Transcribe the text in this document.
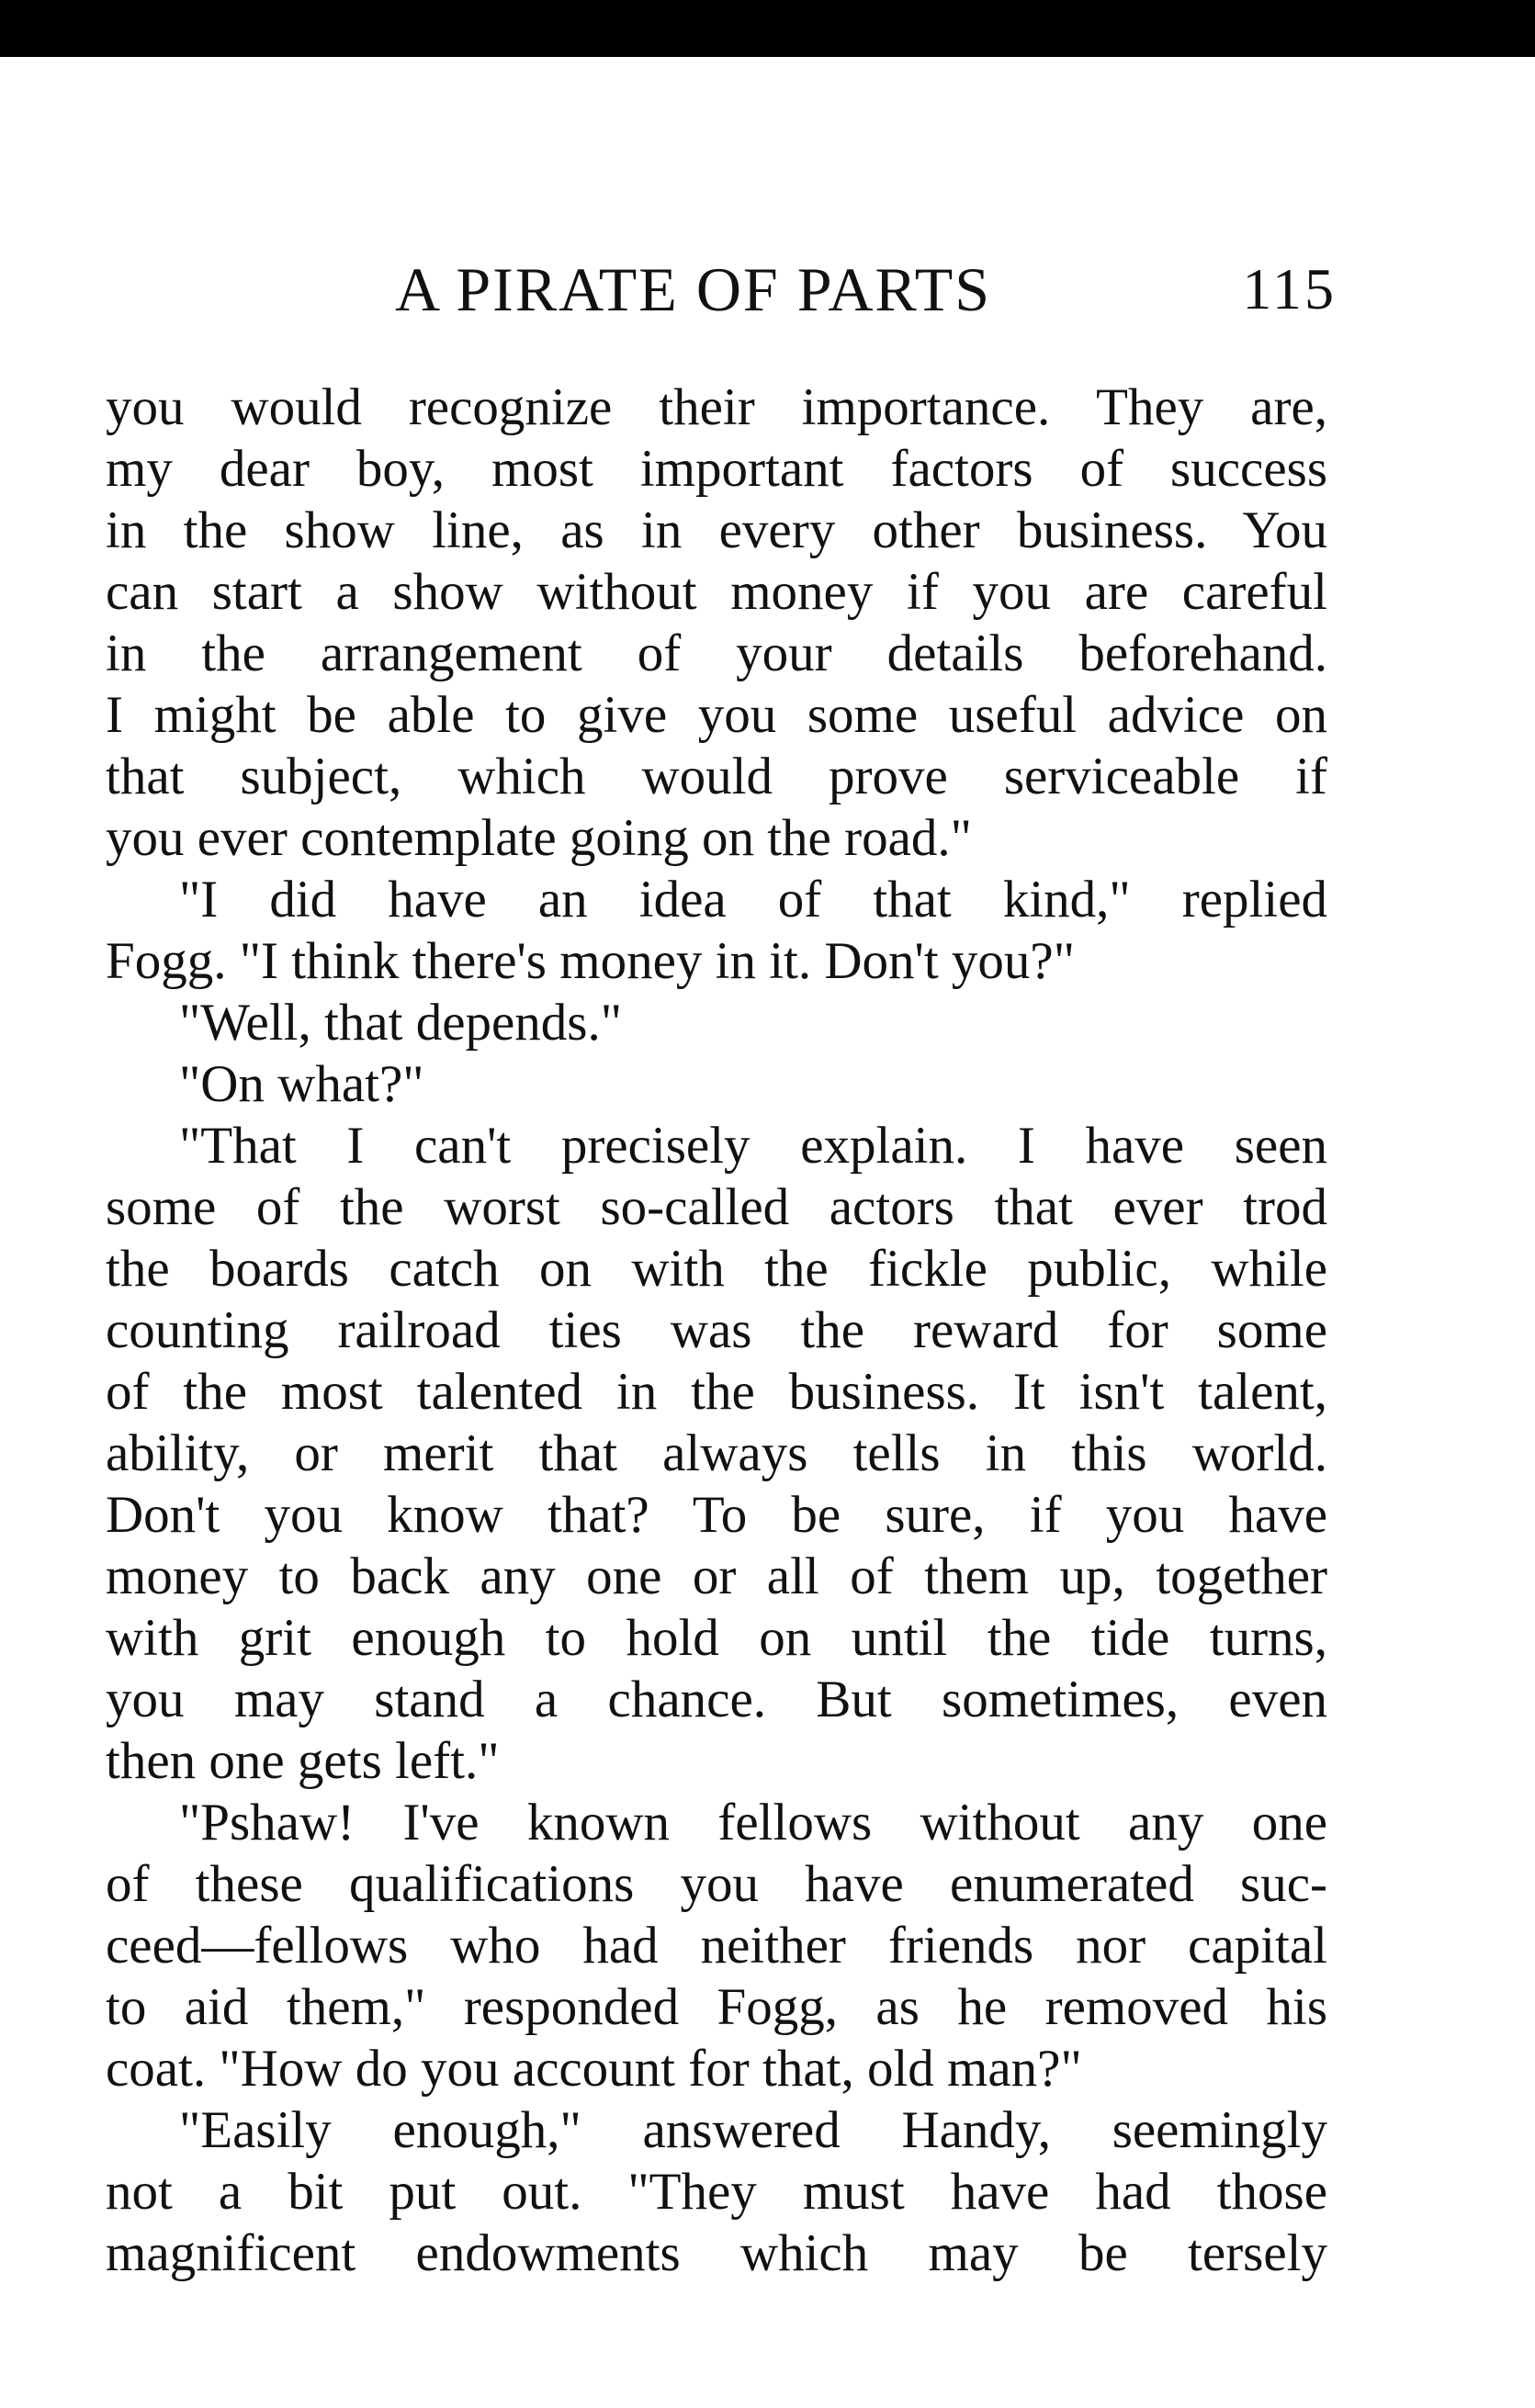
A PIRATE OF PARTS	115
you would recognize their importance. They are,
my dear boy, most important factors of success
in the show line, as in every other business. You
can start a show without money if you are careful
in the arrangement of your details beforehand.
I might be able to give you some useful advice on
that subject, which would prove serviceable if
you ever contemplate going on the road."
"I did have an idea of that kind," replied
Fogg. "I think there's money in it. Don't you?"
"Well, that depends."
"On what?"
"That I can't precisely explain. I have seen
some of the worst so-called actors that ever trod
the boards catch on with the fickle public, while
counting railroad ties was the reward for some
of the most talented in the business. It isn't talent,
ability, or merit that always tells in this world.
Don't you know that? To be sure, if you have
money to back any one or all of them up, together
with grit enough to hold on until the tide turns,
you may stand a chance. But sometimes, even
then one gets left."
"Pshaw! I've known fellows without any one
of these qualifications you have enumerated suc-
ceed—fellows who had neither friends nor capital
to aid them," responded Fogg, as he removed his
coat. "How do you account for that, old man?"
"Easily enough," answered Handy, seemingly
not a bit put out. "They must have had those
magnificent endowments which may be tersely
